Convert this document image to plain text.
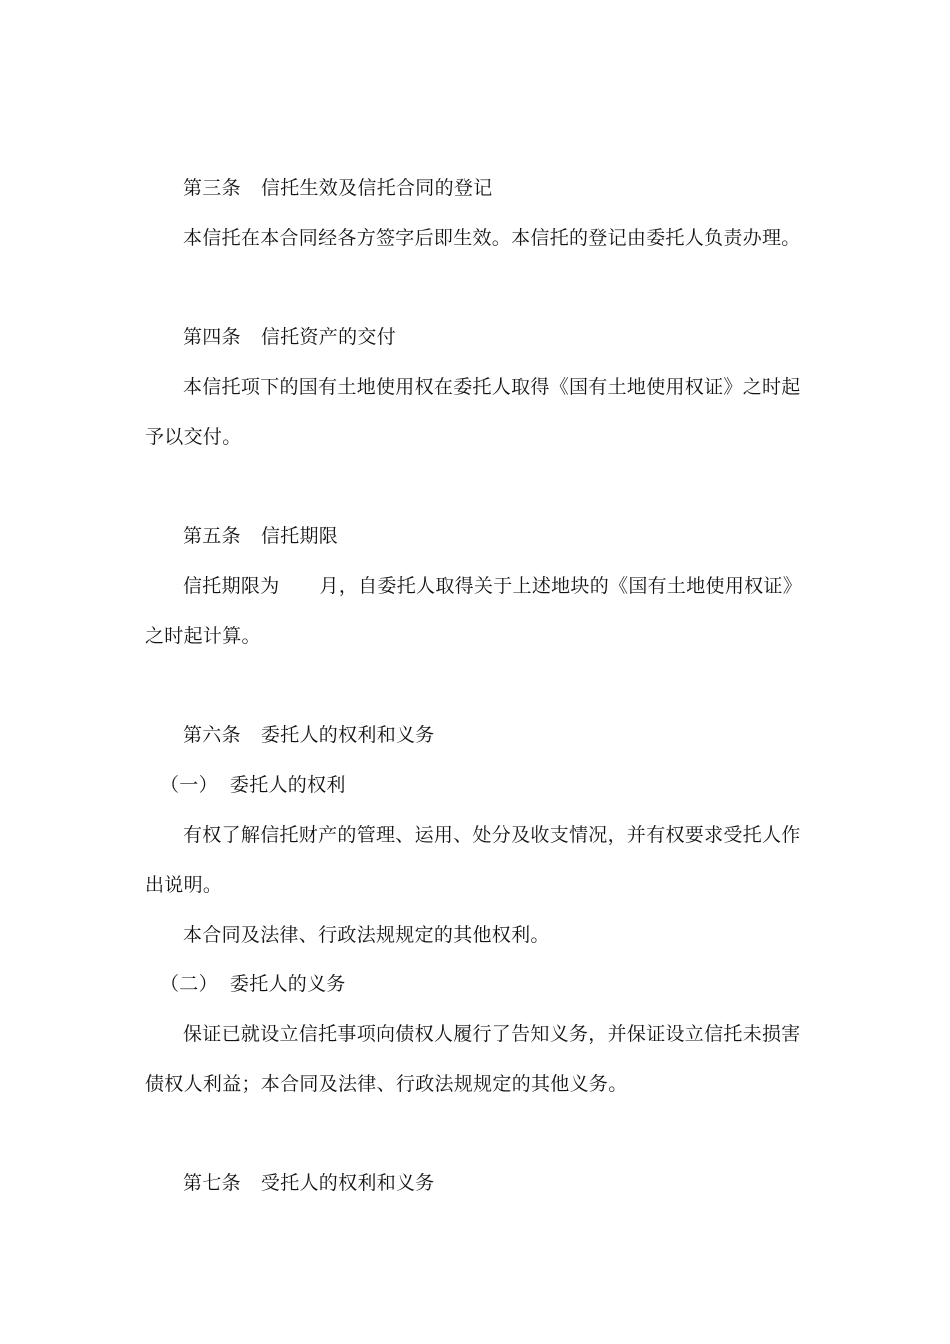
第三条 信托生效及信托合同的登记
本信托在本合同经各方签字后即生效。本信托的登记由委托人负责办理。
第四条 信托资产的交付
本信托项下的国有土地使用权在委托人取得《国有土地使用权证》之时起
予以交付。
第五条 信托期限
信托期限为 月，自委托人取得关于上述地块的《国有土地使用权证》
之时起计算。
第六条 委托人的权利和义务
（一） 委托人的权利
有权了解信托财产的管理、运用、处分及收支情况，并有权要求受托人作
出说明。
本合同及法律、行政法规规定的其他权利。
（二） 委托人的义务
保证已就设立信托事项向债权人履行了告知义务，并保证设立信托未损害
债权人利益；本合同及法律、行政法规规定的其他义务。
第七条 受托人的权利和义务
